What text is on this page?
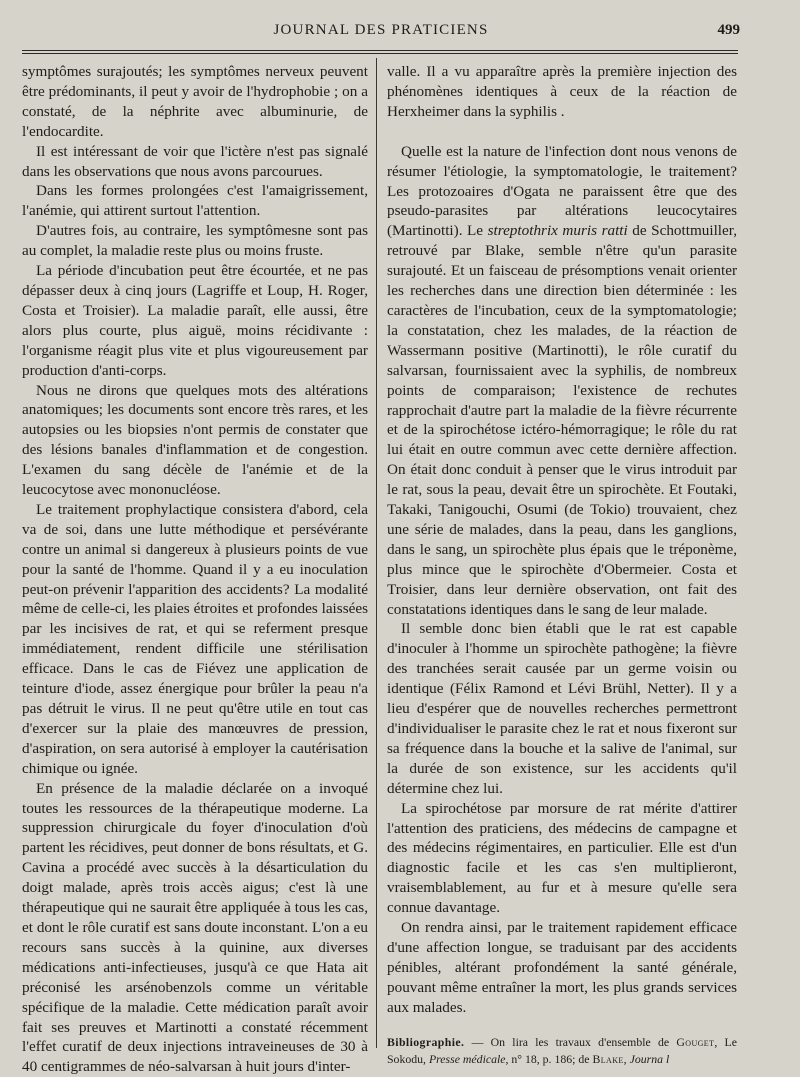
JOURNAL DES PRATICIENS	499

symptômes surajoutés; les symptômes nerveux peuvent être prédominants, il peut y avoir de l'hydrophobie ; on a constaté, de la néphrite avec albuminurie, de l'endocardite.

Il est intéressant de voir que l'ictère n'est pas signalé dans les observations que nous avons parcourues.

Dans les formes prolongées c'est l'amaigrissement, l'anémie, qui attirent surtout l'attention.

D'autres fois, au contraire, les symptômesne sont pas au complet, la maladie reste plus ou moins fruste.

La période d'incubation peut être écourtée, et ne pas dépasser deux à cinq jours (Lagriffe et Loup, H. Roger, Costa et Troisier). La maladie paraît, elle aussi, être alors plus courte, plus aiguë, moins récidivante : l'organisme réagit plus vite et plus vigoureusement par production d'anti-corps.

Nous ne dirons que quelques mots des altérations anatomiques; les documents sont encore très rares, et les autopsies ou les biopsies n'ont permis de constater que des lésions banales d'inflammation et de congestion. L'examen du sang décèle de l'anémie et de la leucocytose avec mononucléose.

Le traitement prophylactique consistera d'abord, cela va de soi, dans une lutte méthodique et persévérante contre un animal si dangereux à plusieurs points de vue pour la santé de l'homme. Quand il y a eu inoculation peut-on prévenir l'apparition des accidents? La modalité même de celle-ci, les plaies étroites et profondes laissées par les incisives de rat, et qui se referment presque immédiatement, rendent difficile une stérilisation efficace. Dans le cas de Fiévez une application de teinture d'iode, assez énergique pour brûler la peau n'a pas détruit le virus. Il ne peut qu'être utile en tout cas d'exercer sur la plaie des manœuvres de pression, d'aspiration, on sera autorisé à employer la cautérisation chimique ou ignée.

En présence de la maladie déclarée on a invoqué toutes les ressources de la thérapeutique moderne. La suppression chirurgicale du foyer d'inoculation d'où partent les récidives, peut donner de bons résultats, et G. Cavina a procédé avec succès à la désarticulation du doigt malade, après trois accès aigus; c'est là une thérapeutique qui ne saurait être appliquée à tous les cas, et dont le rôle curatif est sans doute inconstant. L'on a eu recours sans succès à la quinine, aux diverses médications anti-infectieuses, jusqu'à ce que Hata ait préconisé les arsénobenzols comme un véritable spécifique de la maladie. Cette médication paraît avoir fait ses preuves et Martinotti a constaté récemment l'effet curatif de deux injections intraveineuses de 30 à 40 centigrammes de néo-salvarsan à huit jours d'inter-

valle. Il a vu apparaître après la première injection des phénomènes identiques à ceux de la réaction de Herxheimer dans la syphilis .

Quelle est la nature de l'infection dont nous venons de résumer l'étiologie, la symptomatologie, le traitement? Les protozoaires d'Ogata ne paraissent être que des pseudo-parasites par altérations leucocytaires (Martinotti). Le streptothrix muris ratti de Schottmuiller, retrouvé par Blake, semble n'être qu'un parasite surajouté. Et un faisceau de présomptions venait orienter les recherches dans une direction bien déterminée : les caractères de l'incubation, ceux de la symptomatologie; la constatation, chez les malades, de la réaction de Wassermann positive (Martinotti), le rôle curatif du salvarsan, fournissaient avec la syphilis, de nombreux points de comparaison; l'existence de rechutes rapprochait d'autre part la maladie de la fièvre récurrente et de la spirochétose ictéro-hémorragique; le rôle du rat lui était en outre commun avec cette dernière affection. On était donc conduit à penser que le virus introduit par le rat, sous la peau, devait être un spirochète. Et Foutaki, Takaki, Tanigouchi, Osumi (de Tokio) trouvaient, chez une série de malades, dans la peau, dans les ganglions, dans le sang, un spirochète plus épais que le tréponème, plus mince que le spirochète d'Obermeier. Costa et Troisier, dans leur dernière observation, ont fait des constatations identiques dans le sang de leur malade.

Il semble donc bien établi que le rat est capable d'inoculer à l'homme un spirochète pathogène; la fièvre des tranchées serait causée par un germe voisin ou identique (Félix Ramond et Lévi Brühl, Netter). Il y a lieu d'espérer que de nouvelles recherches permettront d'individualiser le parasite chez le rat et nous fixeront sur sa fréquence dans la bouche et la salive de l'animal, sur la durée de son existence, sur les accidents qu'il détermine chez lui.

La spirochétose par morsure de rat mérite d'attirer l'attention des praticiens, des médecins de campagne et des médecins régimentaires, en particulier. Elle est d'un diagnostic facile et les cas s'en multiplieront, vraisemblablement, au fur et à mesure qu'elle sera connue davantage.

On rendra ainsi, par le traitement rapidement efficace d'une affection longue, se traduisant par des accidents pénibles, altérant profondément la santé générale, pouvant même entraîner la mort, les plus grands services aux malades.

Bibliographie. — On lira les travaux d'ensemble de Gouget, Le Sokodu, Presse médicale, n° 18, p. 186; de Blake, Journa l
